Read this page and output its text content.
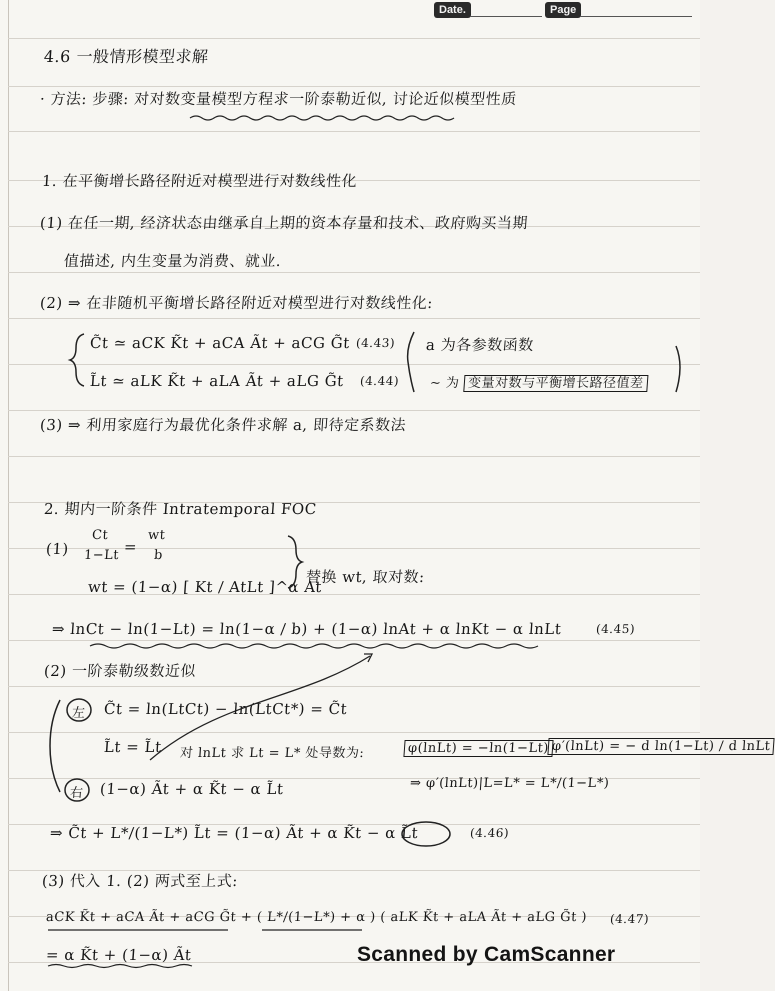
Date.	Page
4.6 一般情形模型求解
· 方法: 步骤: 对对数变量模型方程求一阶泰勒近似, 讨论近似模型性质
1. 在平衡增长路径附近对模型进行对数线性化
(1) 在任一期, 经济状态由继承自上期的资本存量和技术、政府购买当期
值描述, 内生变量为消费、就业.
(2) ⇒ 在非随机平衡增长路径附近对模型进行对数线性化:
C̃t ≃ aCK K̃t + aCA Ãt + aCG G̃t (4.43)
L̃t ≃ aLK K̃t + aLA Ãt + aLG G̃t (4.44)
a 为各参数函数
~ 为 变量对数与平衡增长路径值差
(3) ⇒ 利用家庭行为最优化条件求解 a, 即待定系数法
2. 期内一阶条件 Intratemporal FOC
(1)
Ct
1−Lt =
wt
b
wt = (1−α) [ Kt / AtLt ]^α At
替换 wt, 取对数:
⇒ lnCt − ln(1−Lt) = ln(1−α / b) + (1−α) lnAt + α lnKt − α lnLt	(4.45)
(2) 一阶泰勒级数近似
左 C̃t = ln(LtCt) − ln(LtCt*) = C̃t
L̃t = L̃t 对 lnLt 求 Lt = L* 处导数为:	φ(lnLt) = −ln(1−Lt) φ′(lnLt) = − d ln(1−Lt) / d lnLt
⇒ φ′(lnLt)|L=L* = L*/(1−L*)
右 (1−α) Ãt + α K̃t − α L̃t
⇒ C̃t + L*/(1−L*) L̃t = (1−α) Ãt + α K̃t − α L̃t	(4.46)
(3) 代入 1. (2) 两式至上式:
aCK K̃t + aCA Ãt + aCG G̃t + ( L*/(1−L*) + α ) ( aLK K̃t + aLA Ãt + aLG G̃t ) (4.47)
= α K̃t + (1−α) Ãt	Scanned by CamScanner
